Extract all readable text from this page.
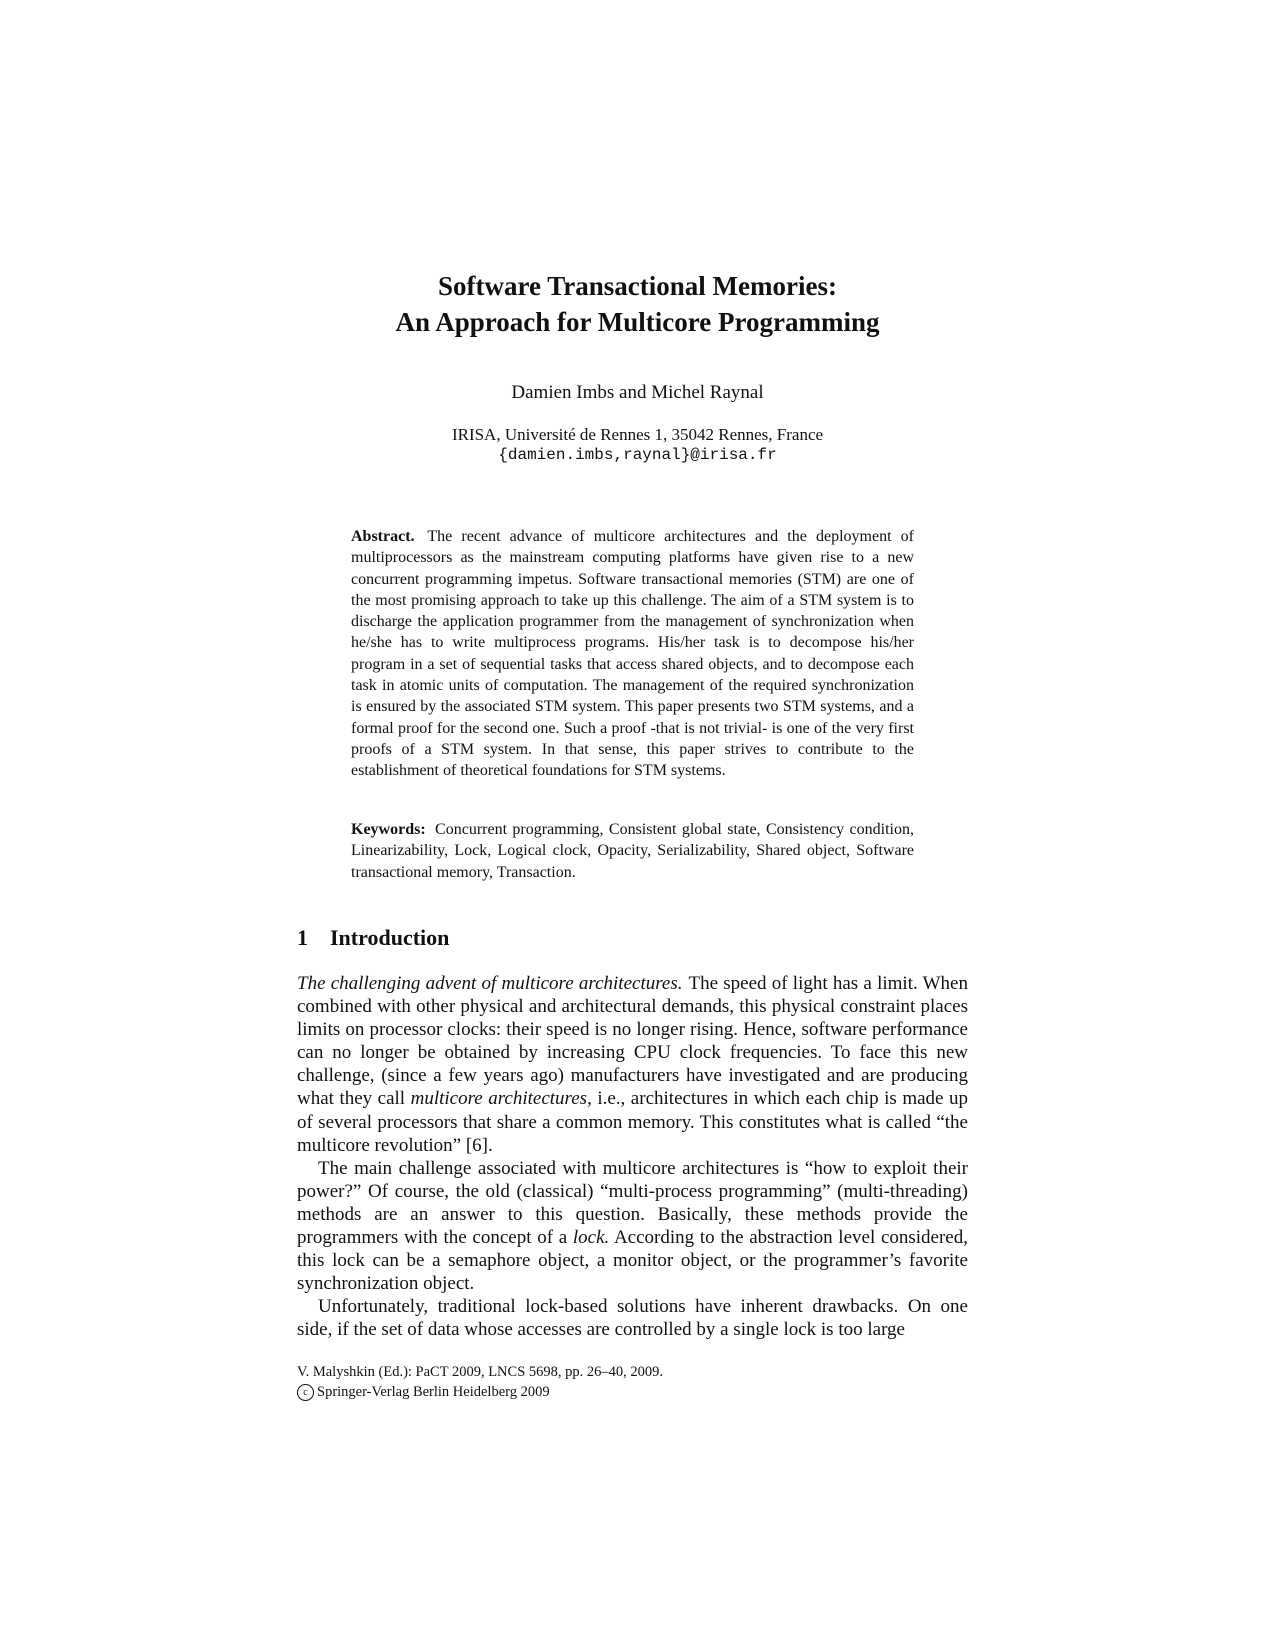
Software Transactional Memories:
An Approach for Multicore Programming
Damien Imbs and Michel Raynal
IRISA, Université de Rennes 1, 35042 Rennes, France
{damien.imbs,raynal}@irisa.fr
Abstract. The recent advance of multicore architectures and the deployment of multiprocessors as the mainstream computing platforms have given rise to a new concurrent programming impetus. Software transactional memories (STM) are one of the most promising approach to take up this challenge. The aim of a STM system is to discharge the application programmer from the management of synchronization when he/she has to write multiprocess programs. His/her task is to decompose his/her program in a set of sequential tasks that access shared objects, and to decompose each task in atomic units of computation. The management of the required synchronization is ensured by the associated STM system. This paper presents two STM systems, and a formal proof for the second one. Such a proof -that is not trivial- is one of the very first proofs of a STM system. In that sense, this paper strives to contribute to the establishment of theoretical foundations for STM systems.
Keywords: Concurrent programming, Consistent global state, Consistency condition, Linearizability, Lock, Logical clock, Opacity, Serializability, Shared object, Software transactional memory, Transaction.
1 Introduction

The challenging advent of multicore architectures. The speed of light has a limit. When combined with other physical and architectural demands, this physical constraint places limits on processor clocks: their speed is no longer rising. Hence, software performance can no longer be obtained by increasing CPU clock frequencies. To face this new challenge, (since a few years ago) manufacturers have investigated and are producing what they call multicore architectures, i.e., architectures in which each chip is made up of several processors that share a common memory. This constitutes what is called “the multicore revolution” [6].

The main challenge associated with multicore architectures is “how to exploit their power?” Of course, the old (classical) “multi-process programming” (multi-threading) methods are an answer to this question. Basically, these methods provide the programmers with the concept of a lock. According to the abstraction level considered, this lock can be a semaphore object, a monitor object, or the programmer’s favorite synchronization object.

Unfortunately, traditional lock-based solutions have inherent drawbacks. On one side, if the set of data whose accesses are controlled by a single lock is too large

V. Malyshkin (Ed.): PaCT 2009, LNCS 5698, pp. 26–40, 2009.
c Springer-Verlag Berlin Heidelberg 2009
